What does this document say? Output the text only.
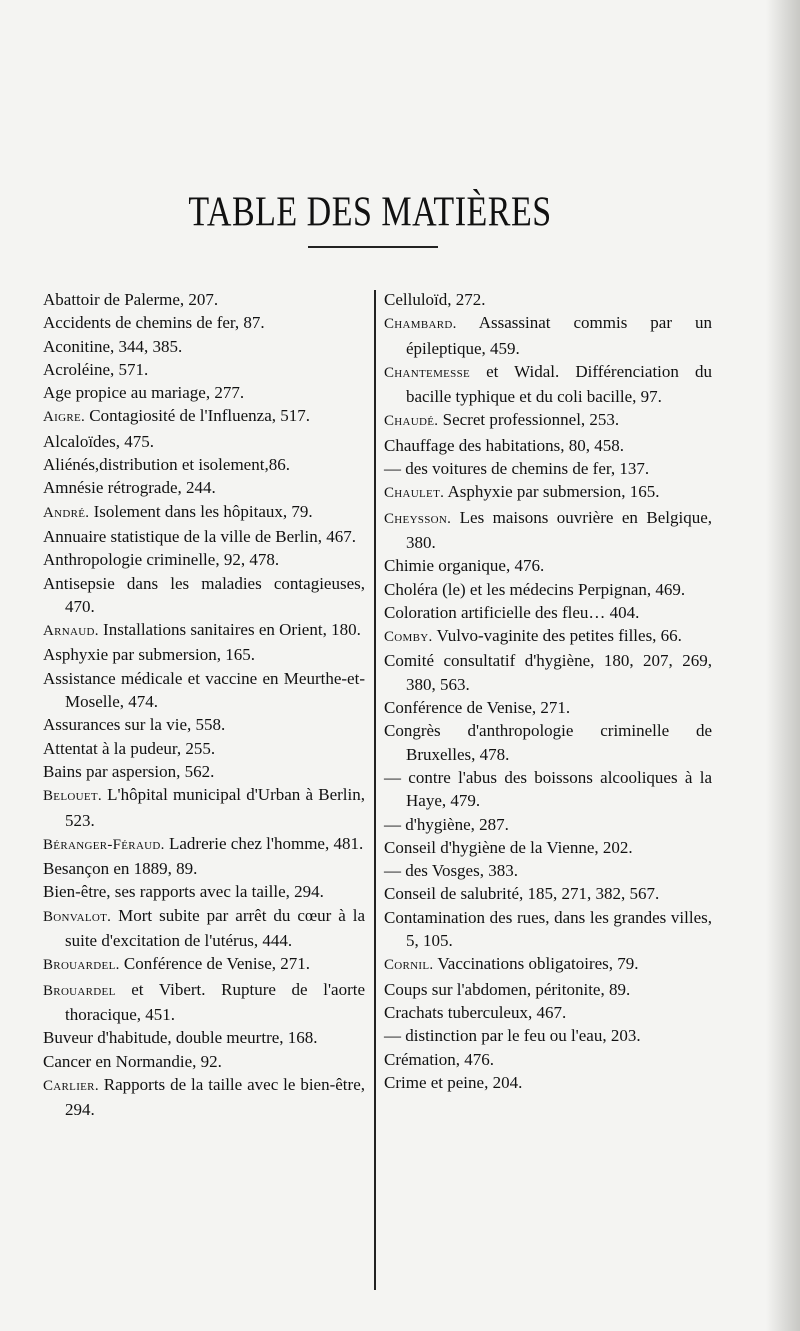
TABLE DES MATIÈRES

Abattoir de Palerme, 207.

Accidents de chemins de fer, 87.

Aconitine, 344, 385.

Acroléine, 571.

Age propice au mariage, 277.

Aigre. Contagiosité de l'Influenza, 517.

Alcaloïdes, 475.

Aliénés,distribution et isolement,86.

Amnésie rétrograde, 244.

André. Isolement dans les hôpitaux, 79.

Annuaire statistique de la ville de Berlin, 467.

Anthropologie criminelle, 92, 478.

Antisepsie dans les maladies contagieuses, 470.

Arnaud. Installations sanitaires en Orient, 180.

Asphyxie par submersion, 165.

Assistance médicale et vaccine en Meurthe-et-Moselle, 474.

Assurances sur la vie, 558.

Attentat à la pudeur, 255.

Bains par aspersion, 562.

Belouet. L'hôpital municipal d'Urban à Berlin, 523.

Béranger-Féraud. Ladrerie chez l'homme, 481.

Besançon en 1889, 89.

Bien-être, ses rapports avec la taille, 294.

Bonvalot. Mort subite par arrêt du cœur à la suite d'excitation de l'utérus, 444.

Brouardel. Conférence de Venise, 271.

Brouardel et Vibert. Rupture de l'aorte thoracique, 451.

Buveur d'habitude, double meurtre, 168.

Cancer en Normandie, 92.

Carlier. Rapports de la taille avec le bien-être, 294.

Celluloïd, 272.

Chambard. Assassinat commis par un épileptique, 459.

Chantemesse et Widal. Différenciation du bacille typhique et du coli bacille, 97.

Chaudé. Secret professionnel, 253.

Chauffage des habitations, 80, 458.

— des voitures de chemins de fer, 137.

Chaulet. Asphyxie par submersion, 165.

Cheysson. Les maisons ouvrière en Belgique, 380.

Chimie organique, 476.

Choléra (le) et les médecins Perpignan, 469.

Coloration artificielle des fleu… 404.

Comby. Vulvo-vaginite des petites filles, 66.

Comité consultatif d'hygiène, 180, 207, 269, 380, 563.

Conférence de Venise, 271.

Congrès d'anthropologie criminelle de Bruxelles, 478.

— contre l'abus des boissons alcooliques à la Haye, 479.

— d'hygiène, 287.

Conseil d'hygiène de la Vienne, 202.

— des Vosges, 383.

Conseil de salubrité, 185, 271, 382, 567.

Contamination des rues, dans les grandes villes, 5, 105.

Cornil. Vaccinations obligatoires, 79.

Coups sur l'abdomen, péritonite, 89.

Crachats tuberculeux, 467.

— distinction par le feu ou l'eau, 203.

Crémation, 476.

Crime et peine, 204.
